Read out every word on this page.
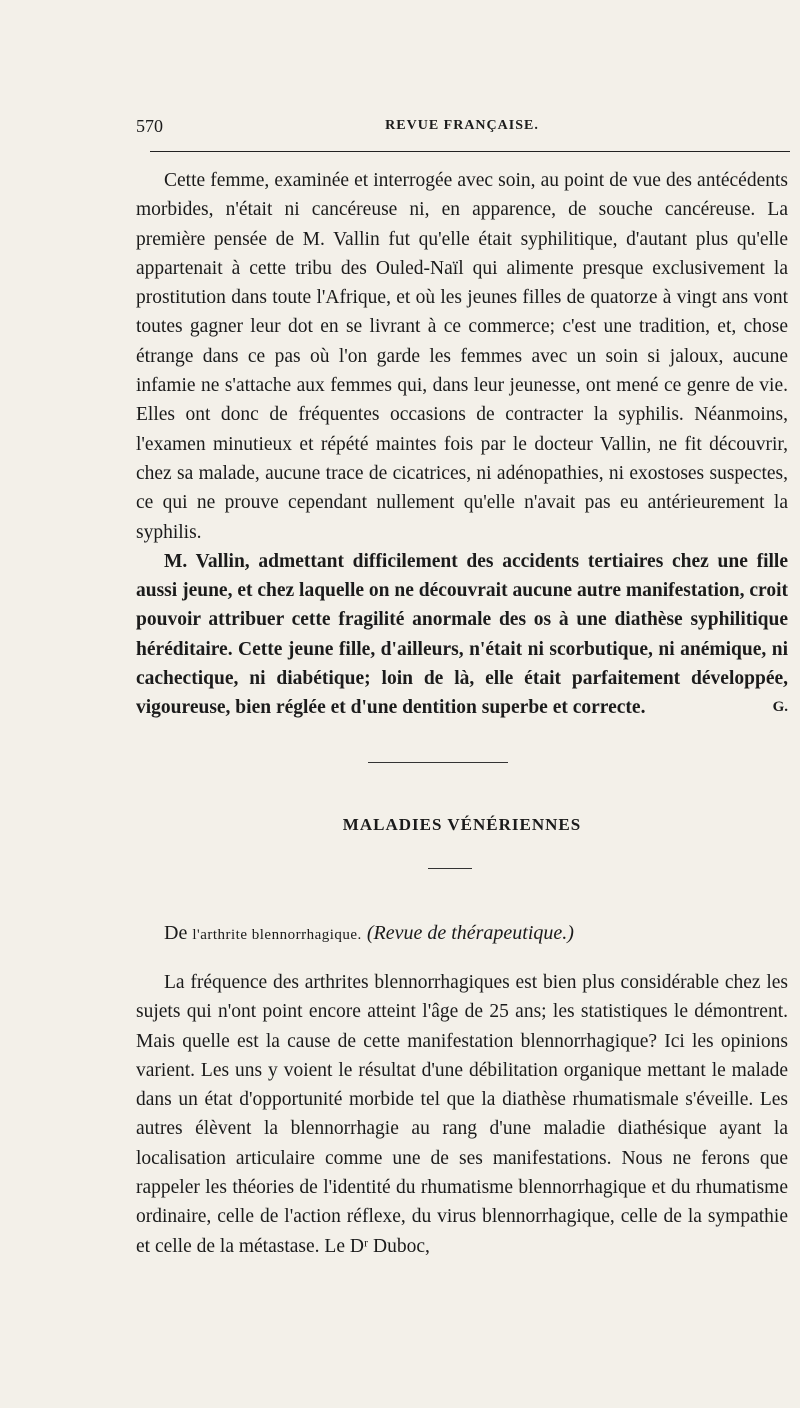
570	REVUE FRANÇAISE.

Cette femme, examinée et interrogée avec soin, au point de vue des antécédents morbides, n'était ni cancéreuse ni, en apparence, de souche cancéreuse. La première pensée de M. Vallin fut qu'elle était syphilitique, d'autant plus qu'elle appartenait à cette tribu des Ouled-Naïl qui alimente presque exclusivement la prostitution dans toute l'Afrique, et où les jeunes filles de quatorze à vingt ans vont toutes gagner leur dot en se livrant à ce commerce; c'est une tradition, et, chose étrange dans ce pas où l'on garde les femmes avec un soin si jaloux, aucune infamie ne s'attache aux femmes qui, dans leur jeunesse, ont mené ce genre de vie. Elles ont donc de fréquentes occasions de contracter la syphilis. Néanmoins, l'examen minutieux et répété maintes fois par le docteur Vallin, ne fit découvrir, chez sa malade, aucune trace de cicatrices, ni adénopathies, ni exostoses suspectes, ce qui ne prouve cependant nullement qu'elle n'avait pas eu antérieurement la syphilis.

M. Vallin, admettant difficilement des accidents tertiaires chez une fille aussi jeune, et chez laquelle on ne découvrait aucune autre manifestation, croit pouvoir attribuer cette fragilité anormale des os à une diathèse syphilitique héréditaire. Cette jeune fille, d'ailleurs, n'était ni scorbutique, ni anémique, ni cachectique, ni diabétique; loin de là, elle était parfaitement développée, vigoureuse, bien réglée et d'une dentition superbe et correcte.	G.

MALADIES VÉNÉRIENNES
De l'arthrite blennorrhagique. (Revue de thérapeutique.)

La fréquence des arthrites blennorrhagiques est bien plus considérable chez les sujets qui n'ont point encore atteint l'âge de 25 ans; les statistiques le démontrent. Mais quelle est la cause de cette manifestation blennorrhagique? Ici les opinions varient. Les uns y voient le résultat d'une débilitation organique mettant le malade dans un état d'opportunité morbide tel que la diathèse rhumatismale s'éveille. Les autres élèvent la blennorrhagie au rang d'une maladie diathésique ayant la localisation articulaire comme une de ses manifestations. Nous ne ferons que rappeler les théories de l'identité du rhumatisme blennorrhagique et du rhumatisme ordinaire, celle de l'action réflexe, du virus blennorrhagique, celle de la sympathie et celle de la métastase. Le Dʳ Duboc,
